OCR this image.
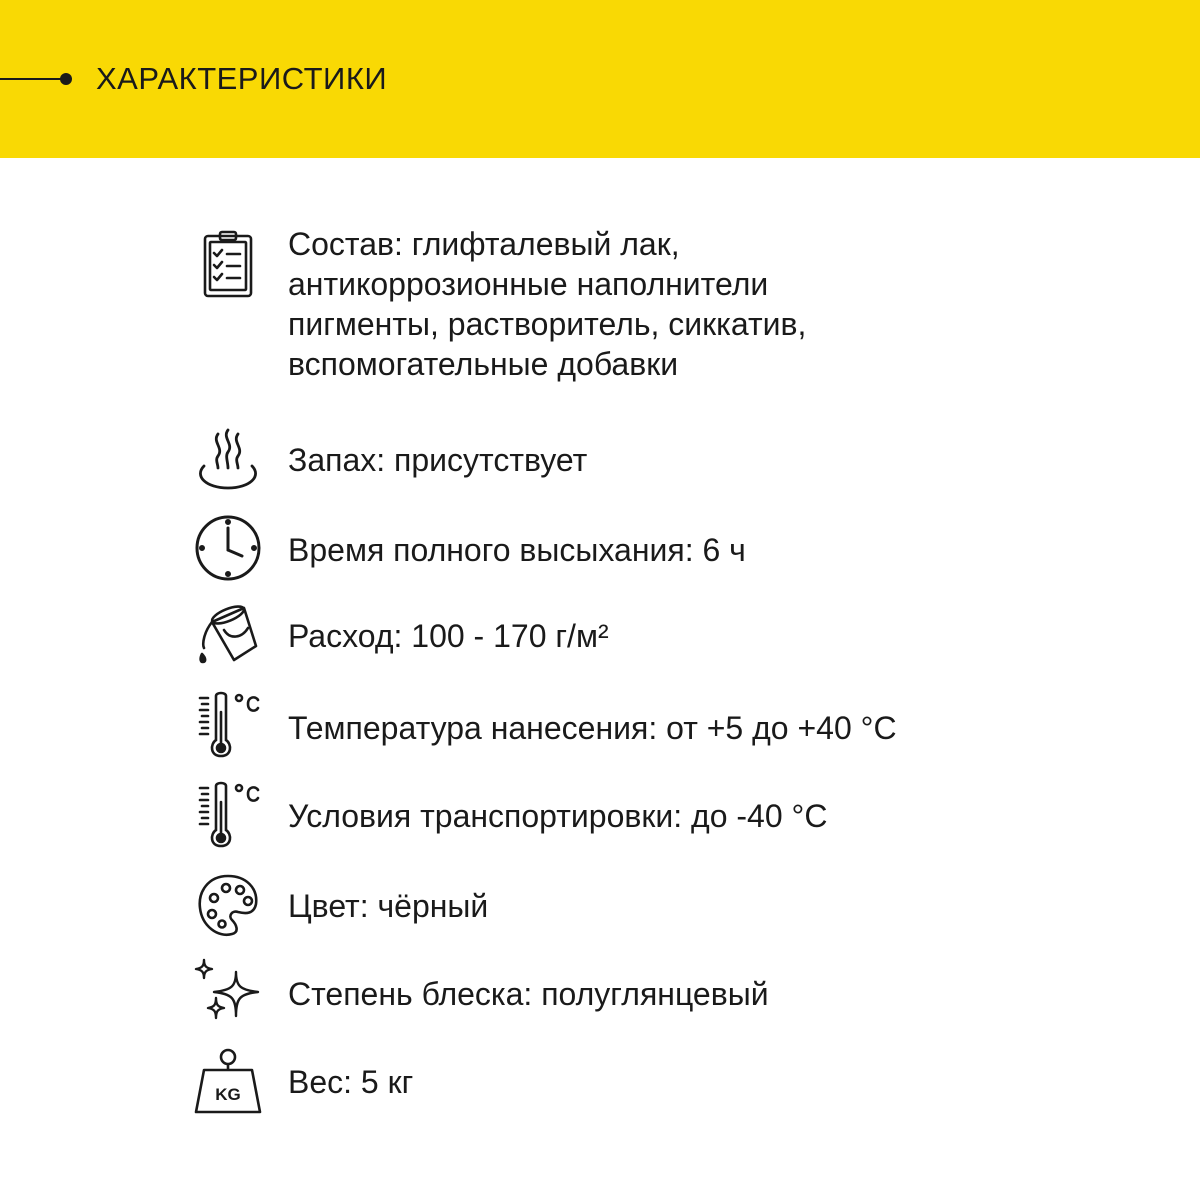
ХАРАКТЕРИСТИКИ
Состав: глифталевый лак,
антикоррозионные наполнители
пигменты, растворитель, сиккатив,
вспомогательные добавки
Запах: присутствует
Время полного высыхания: 6 ч
Расход: 100 - 170 г/м²
Температура нанесения: от +5 до +40 °C
Условия транспортировки: до -40 °C
Цвет: чёрный
Степень блеска: полуглянцевый
KG Вес: 5 кг
